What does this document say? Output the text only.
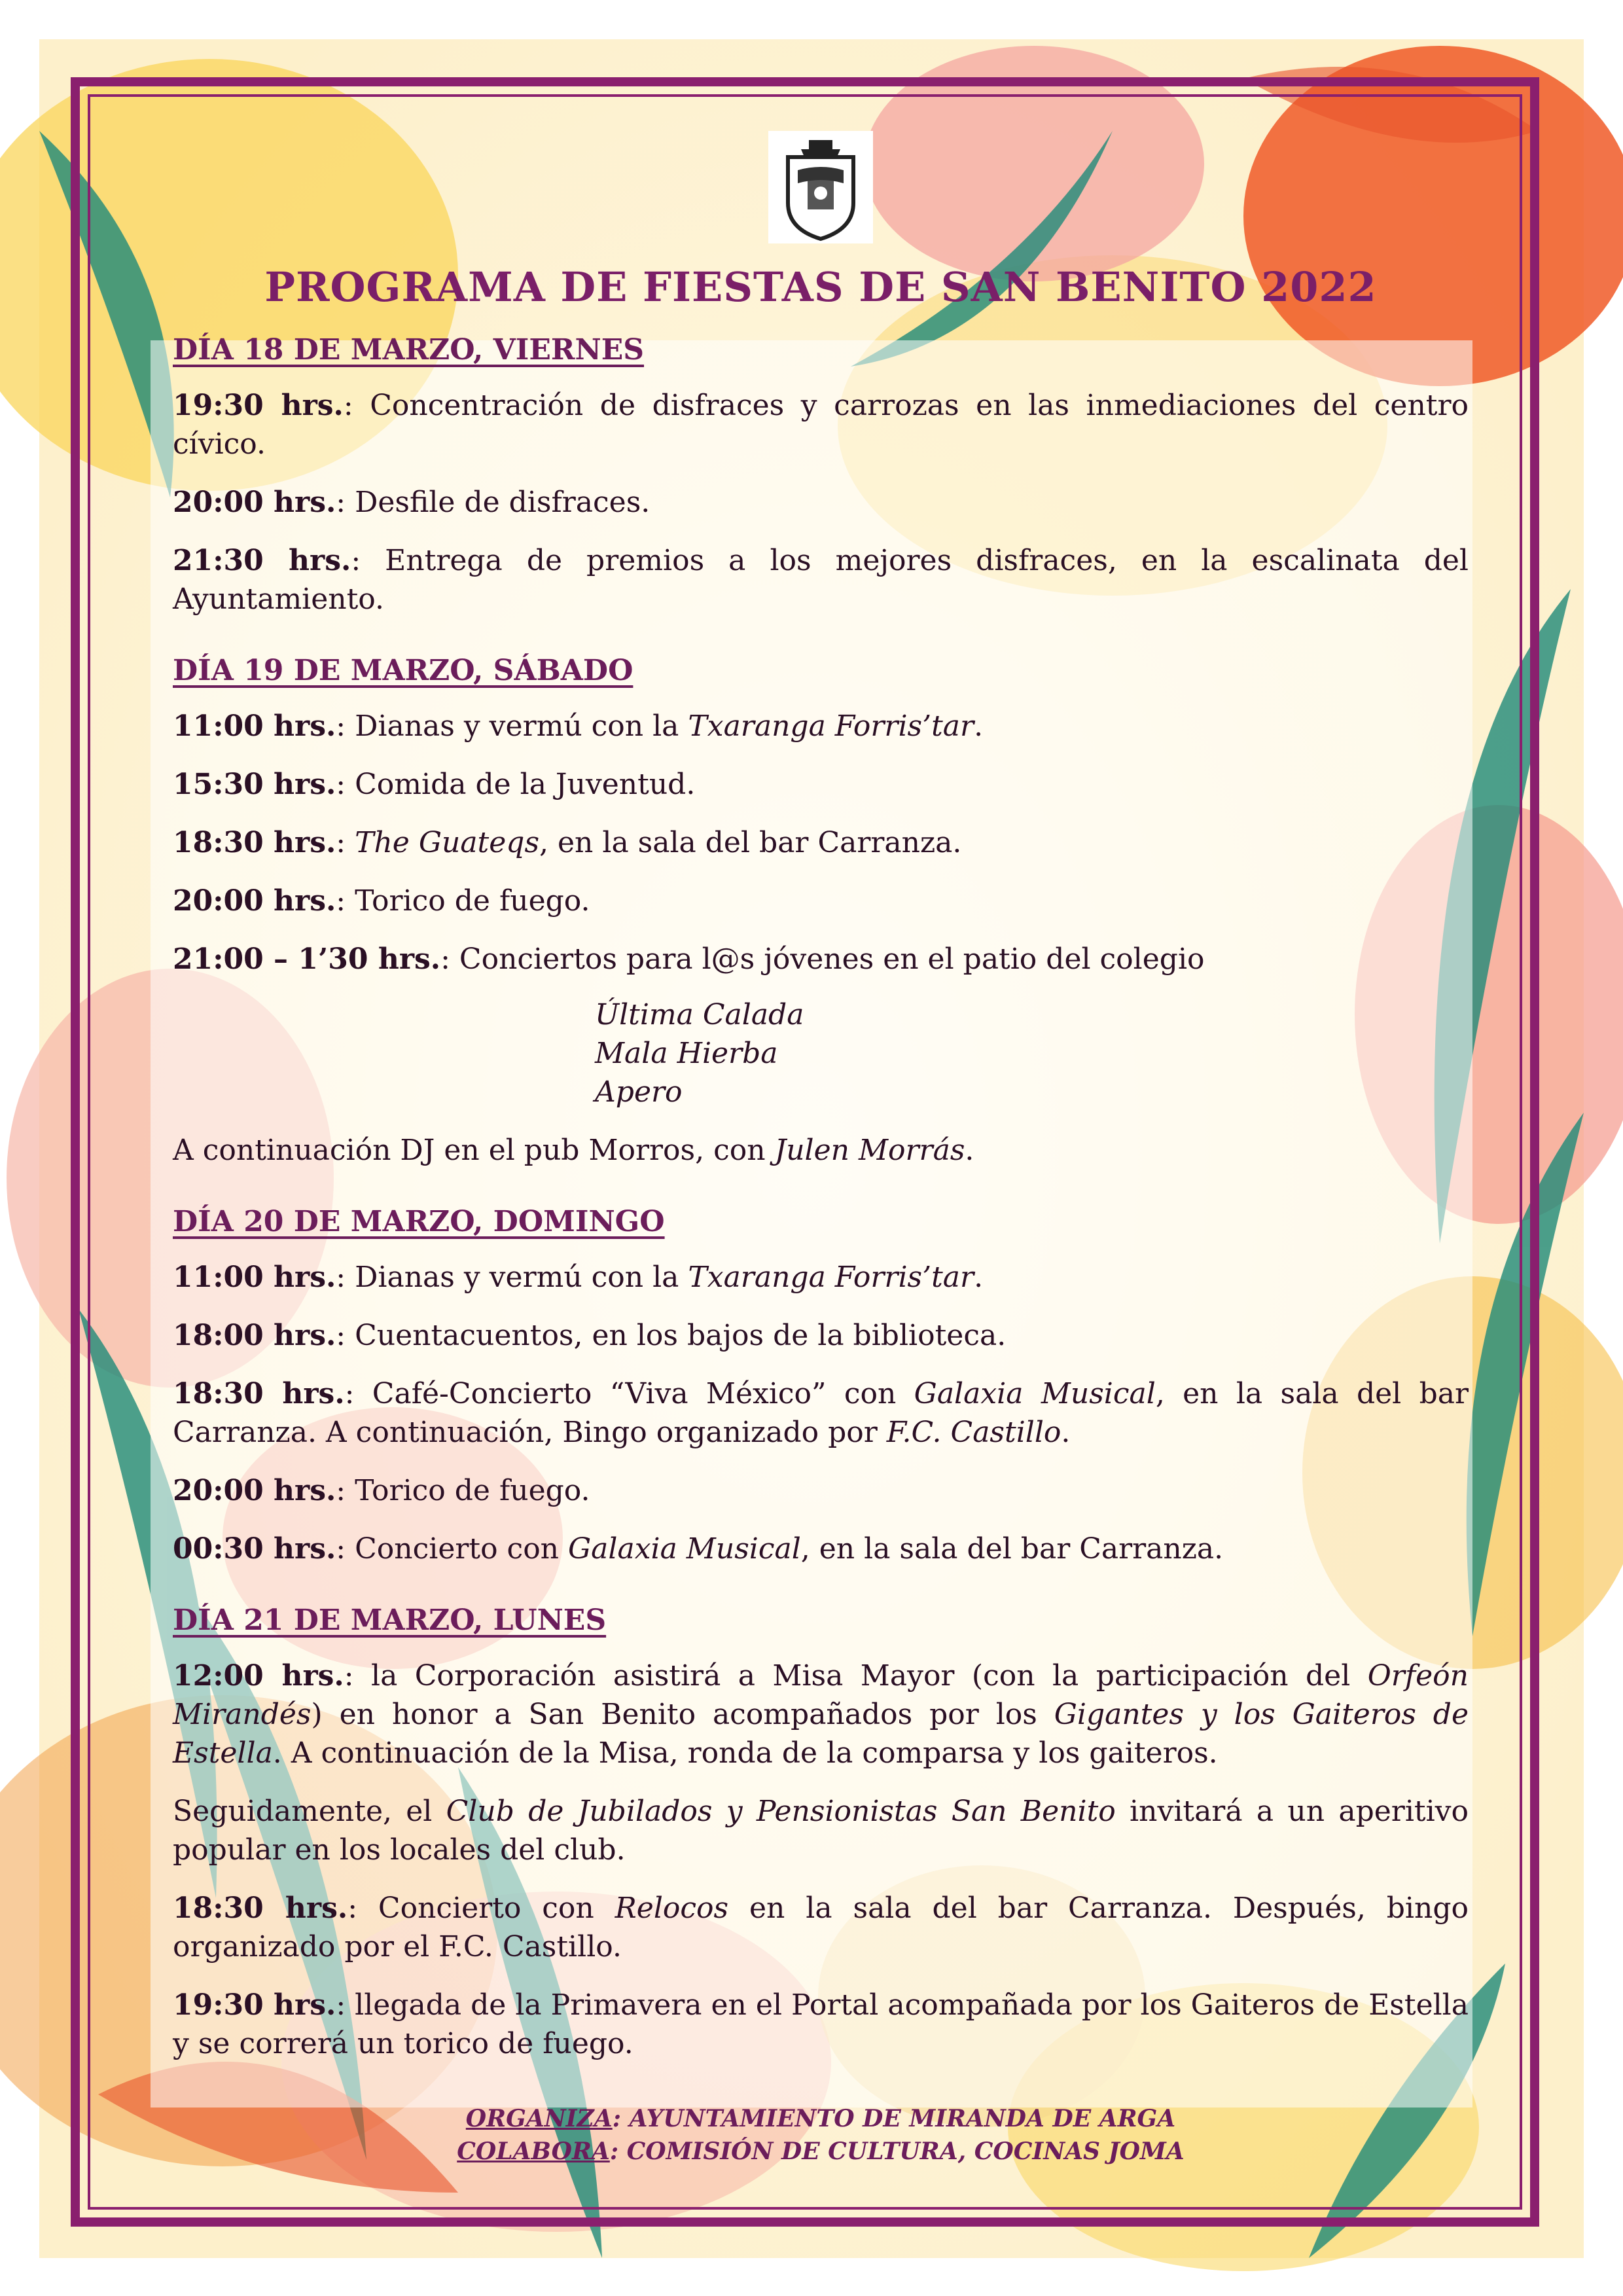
PROGRAMA DE FIESTAS DE SAN BENITO 2022
DÍA 18 DE MARZO, VIERNES

19:30 hrs.: Concentración de disfraces y carrozas en las inmediaciones del centro cívico.

20:00 hrs.: Desfile de disfraces.

21:30 hrs.: Entrega de premios a los mejores disfraces, en la escalinata del Ayuntamiento.

DÍA 19 DE MARZO, SÁBADO

11:00 hrs.: Dianas y vermú con la Txaranga Forris’tar.

15:30 hrs.: Comida de la Juventud.

18:30 hrs.: The Guateqs, en la sala del bar Carranza.

20:00 hrs.: Torico de fuego.

21:00 – 1’30 hrs.: Conciertos para l@s jóvenes en el patio del colegio

Última Calada
Mala Hierba
Apero

A continuación DJ en el pub Morros, con Julen Morrás.

DÍA 20 DE MARZO, DOMINGO

11:00 hrs.: Dianas y vermú con la Txaranga Forris’tar.

18:00 hrs.: Cuentacuentos, en los bajos de la biblioteca.

18:30 hrs.: Café-Concierto “Viva México” con Galaxia Musical, en la sala del bar Carranza. A continuación, Bingo organizado por F.C. Castillo.

20:00 hrs.: Torico de fuego.

00:30 hrs.: Concierto con Galaxia Musical, en la sala del bar Carranza.

DÍA 21 DE MARZO, LUNES

12:00 hrs.: la Corporación asistirá a Misa Mayor (con la participación del Orfeón Mirandés) en honor a San Benito acompañados por los Gigantes y los Gaiteros de Estella. A continuación de la Misa, ronda de la comparsa y los gaiteros.

Seguidamente, el Club de Jubilados y Pensionistas San Benito invitará a un aperitivo popular en los locales del club.

18:30 hrs.: Concierto con Relocos en la sala del bar Carranza. Después, bingo organizado por el F.C. Castillo.

19:30 hrs.: llegada de la Primavera en el Portal acompañada por los Gaiteros de Estella y se correrá un torico de fuego.

ORGANIZA: AYUNTAMIENTO DE MIRANDA DE ARGA
COLABORA: COMISIÓN DE CULTURA, COCINAS JOMA
